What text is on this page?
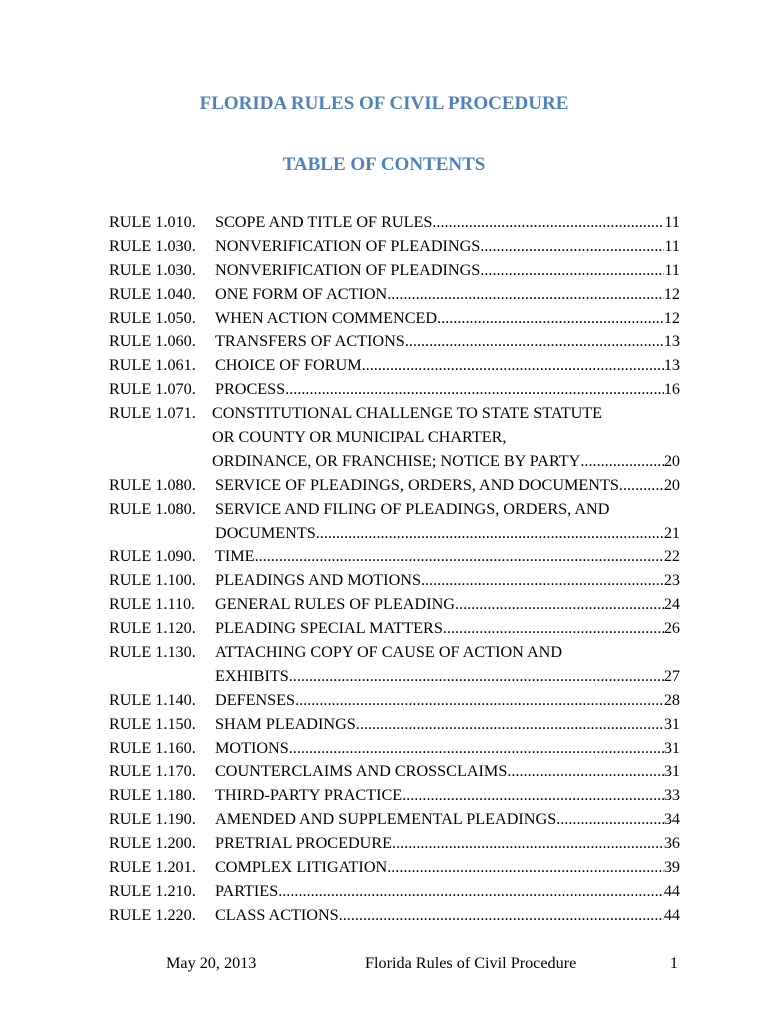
FLORIDA RULES OF CIVIL PROCEDURE
TABLE OF CONTENTS
RULE 1.010.	SCOPE AND TITLE OF RULES .....	11
RULE 1.030.	NONVERIFICATION OF PLEADINGS .....	11
RULE 1.030.	NONVERIFICATION OF PLEADINGS .....	11
RULE 1.040.	ONE FORM OF ACTION .....	12
RULE 1.050.	WHEN ACTION COMMENCED .....	12
RULE 1.060.	TRANSFERS OF ACTIONS .....	13
RULE 1.061.	CHOICE OF FORUM .....	13
RULE 1.070.	PROCESS .....	16
RULE 1.071.	CONSTITUTIONAL CHALLENGE TO STATE STATUTE
OR COUNTY OR MUNICIPAL CHARTER,
ORDINANCE, OR FRANCHISE; NOTICE BY PARTY .....	20
RULE 1.080.	SERVICE OF PLEADINGS, ORDERS, AND DOCUMENTS .....	20
RULE 1.080.	SERVICE AND FILING OF PLEADINGS, ORDERS, AND
DOCUMENTS .....	21
RULE 1.090.	TIME .....	22
RULE 1.100.	PLEADINGS AND MOTIONS .....	23
RULE 1.110.	GENERAL RULES OF PLEADING .....	24
RULE 1.120.	PLEADING SPECIAL MATTERS .....	26
RULE 1.130.	ATTACHING COPY OF CAUSE OF ACTION AND
EXHIBITS .....	27
RULE 1.140.	DEFENSES .....	28
RULE 1.150.	SHAM PLEADINGS .....	31
RULE 1.160.	MOTIONS .....	31
RULE 1.170.	COUNTERCLAIMS AND CROSSCLAIMS .....	31
RULE 1.180.	THIRD-PARTY PRACTICE .....	33
RULE 1.190.	AMENDED AND SUPPLEMENTAL PLEADINGS .....	34
RULE 1.200.	PRETRIAL PROCEDURE .....	36
RULE 1.201.	COMPLEX LITIGATION .....	39
RULE 1.210.	PARTIES .....	44
RULE 1.220.	CLASS ACTIONS .....	44
May 20, 2013	Florida Rules of Civil Procedure	1
